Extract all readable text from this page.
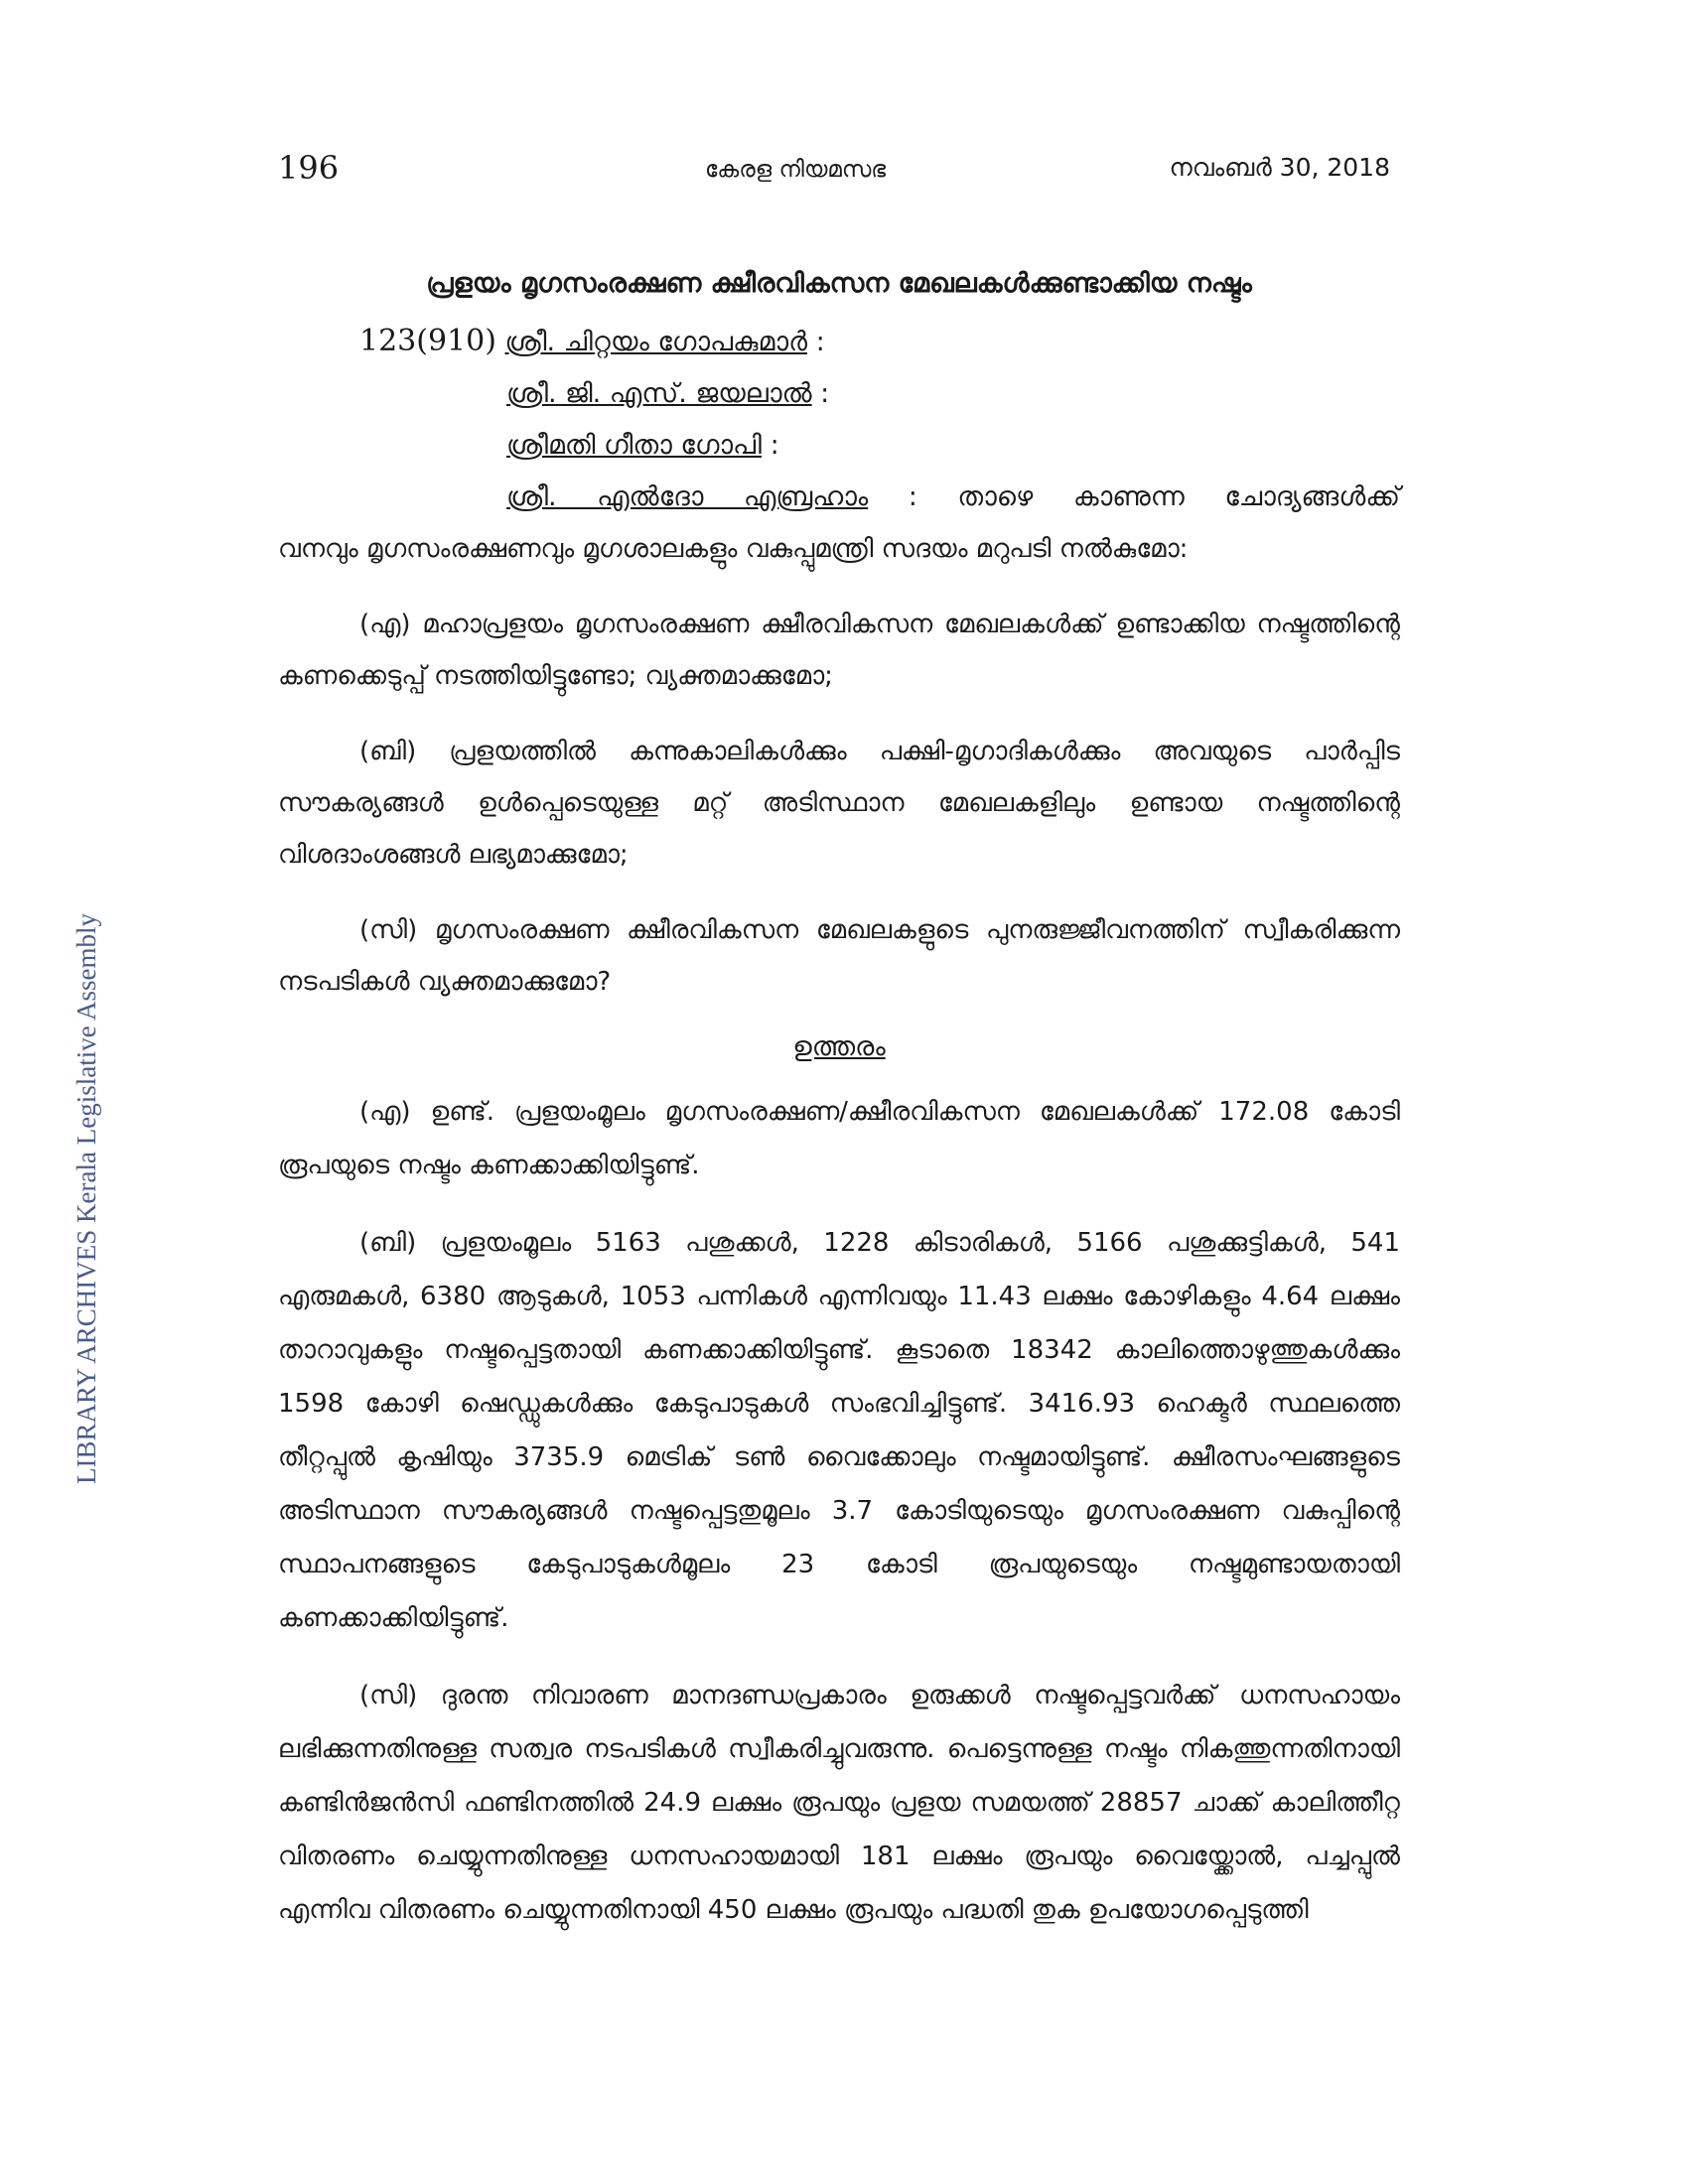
196	കേരള നിയമസഭ	നവംബർ 30, 2018
LIBRARY ARCHIVES Kerala Legislative Assembly
പ്രളയം മൃഗസംരക്ഷണ ക്ഷീരവികസന മേഖലകൾക്കുണ്ടാക്കിയ നഷ്ടം
123(910) ശ്രീ. ചിറ്റയം ഗോപകുമാർ :
ശ്രീ. ജി. എസ്. ജയലാൽ :
ശ്രീമതി ഗീതാ ഗോപി :
ശ്രീ. എൽദോ എബ്രഹാം : താഴെ കാണുന്ന ചോദ്യങ്ങൾക്ക്
വനവും മൃഗസംരക്ഷണവും മൃഗശാലകളും വകുപ്പുമന്ത്രി സദയം മറുപടി നൽകുമോ:

(എ) മഹാപ്രളയം മൃഗസംരക്ഷണ ക്ഷീരവികസന മേഖലകൾക്ക് ഉണ്ടാക്കിയ നഷ്ടത്തിന്റെ കണക്കെടുപ്പ് നടത്തിയിട്ടുണ്ടോ; വ്യക്തമാക്കുമോ;

(ബി) പ്രളയത്തിൽ കന്നുകാലികൾക്കും പക്ഷി-മൃഗാദികൾക്കും അവയുടെ പാർപ്പിട സൗകര്യങ്ങൾ ഉൾപ്പെടെയുള്ള മറ്റ് അടിസ്ഥാന മേഖലകളിലും ഉണ്ടായ നഷ്ടത്തിന്റെ വിശദാംശങ്ങൾ ലഭ്യമാക്കുമോ;

(സി) മൃഗസംരക്ഷണ ക്ഷീരവികസന മേഖലകളുടെ പുനരുജ്ജീവനത്തിന് സ്വീകരിക്കുന്ന നടപടികൾ വ്യക്തമാക്കുമോ?

ഉത്തരം

(എ) ഉണ്ട്. പ്രളയംമൂലം മൃഗസംരക്ഷണ/ക്ഷീരവികസന മേഖലകൾക്ക് 172.08 കോടി രൂപയുടെ നഷ്ടം കണക്കാക്കിയിട്ടുണ്ട്.

(ബി) പ്രളയംമൂലം 5163 പശുക്കൾ, 1228 കിടാരികൾ, 5166 പശുക്കുട്ടികൾ, 541 എരുമകൾ, 6380 ആടുകൾ, 1053 പന്നികൾ എന്നിവയും 11.43 ലക്ഷം കോഴികളും 4.64 ലക്ഷം താറാവുകളും നഷ്ടപ്പെട്ടതായി കണക്കാക്കിയിട്ടുണ്ട്. കൂടാതെ 18342 കാലിത്തൊഴുത്തുകൾക്കും 1598 കോഴി ഷെഡ്ഡുകൾക്കും കേടുപാടുകൾ സംഭവിച്ചിട്ടുണ്ട്. 3416.93 ഹെക്ടർ സ്ഥലത്തെ തീറ്റപ്പുൽ കൃഷിയും 3735.9 മെട്രിക് ടൺ വൈക്കോലും നഷ്ടമായിട്ടുണ്ട്. ക്ഷീരസംഘങ്ങളുടെ അടിസ്ഥാന സൗകര്യങ്ങൾ നഷ്ടപ്പെട്ടതുമൂലം 3.7 കോടിയുടെയും മൃഗസംരക്ഷണ വകുപ്പിന്റെ സ്ഥാപനങ്ങളുടെ കേടുപാടുകൾമൂലം 23 കോടി രൂപയുടെയും നഷ്ടമുണ്ടായതായി കണക്കാക്കിയിട്ടുണ്ട്.

(സി) ദുരന്ത നിവാരണ മാനദണ്ഡപ്രകാരം ഉരുക്കൾ നഷ്ടപ്പെട്ടവർക്ക് ധനസഹായം ലഭിക്കുന്നതിനുള്ള സത്വര നടപടികൾ സ്വീകരിച്ചുവരുന്നു. പെട്ടെന്നുള്ള നഷ്ടം നികത്തുന്നതിനായി കണ്ടിൻജൻസി ഫണ്ടിനത്തിൽ 24.9 ലക്ഷം രൂപയും പ്രളയ സമയത്ത് 28857 ചാക്ക് കാലിത്തീറ്റ വിതരണം ചെയ്യുന്നതിനുള്ള ധനസഹായമായി 181 ലക്ഷം രൂപയും വൈയ്ക്കോൽ, പച്ചപ്പുൽ എന്നിവ വിതരണം ചെയ്യുന്നതിനായി 450 ലക്ഷം രൂപയും പദ്ധതി തുക ഉപയോഗപ്പെടുത്തി
